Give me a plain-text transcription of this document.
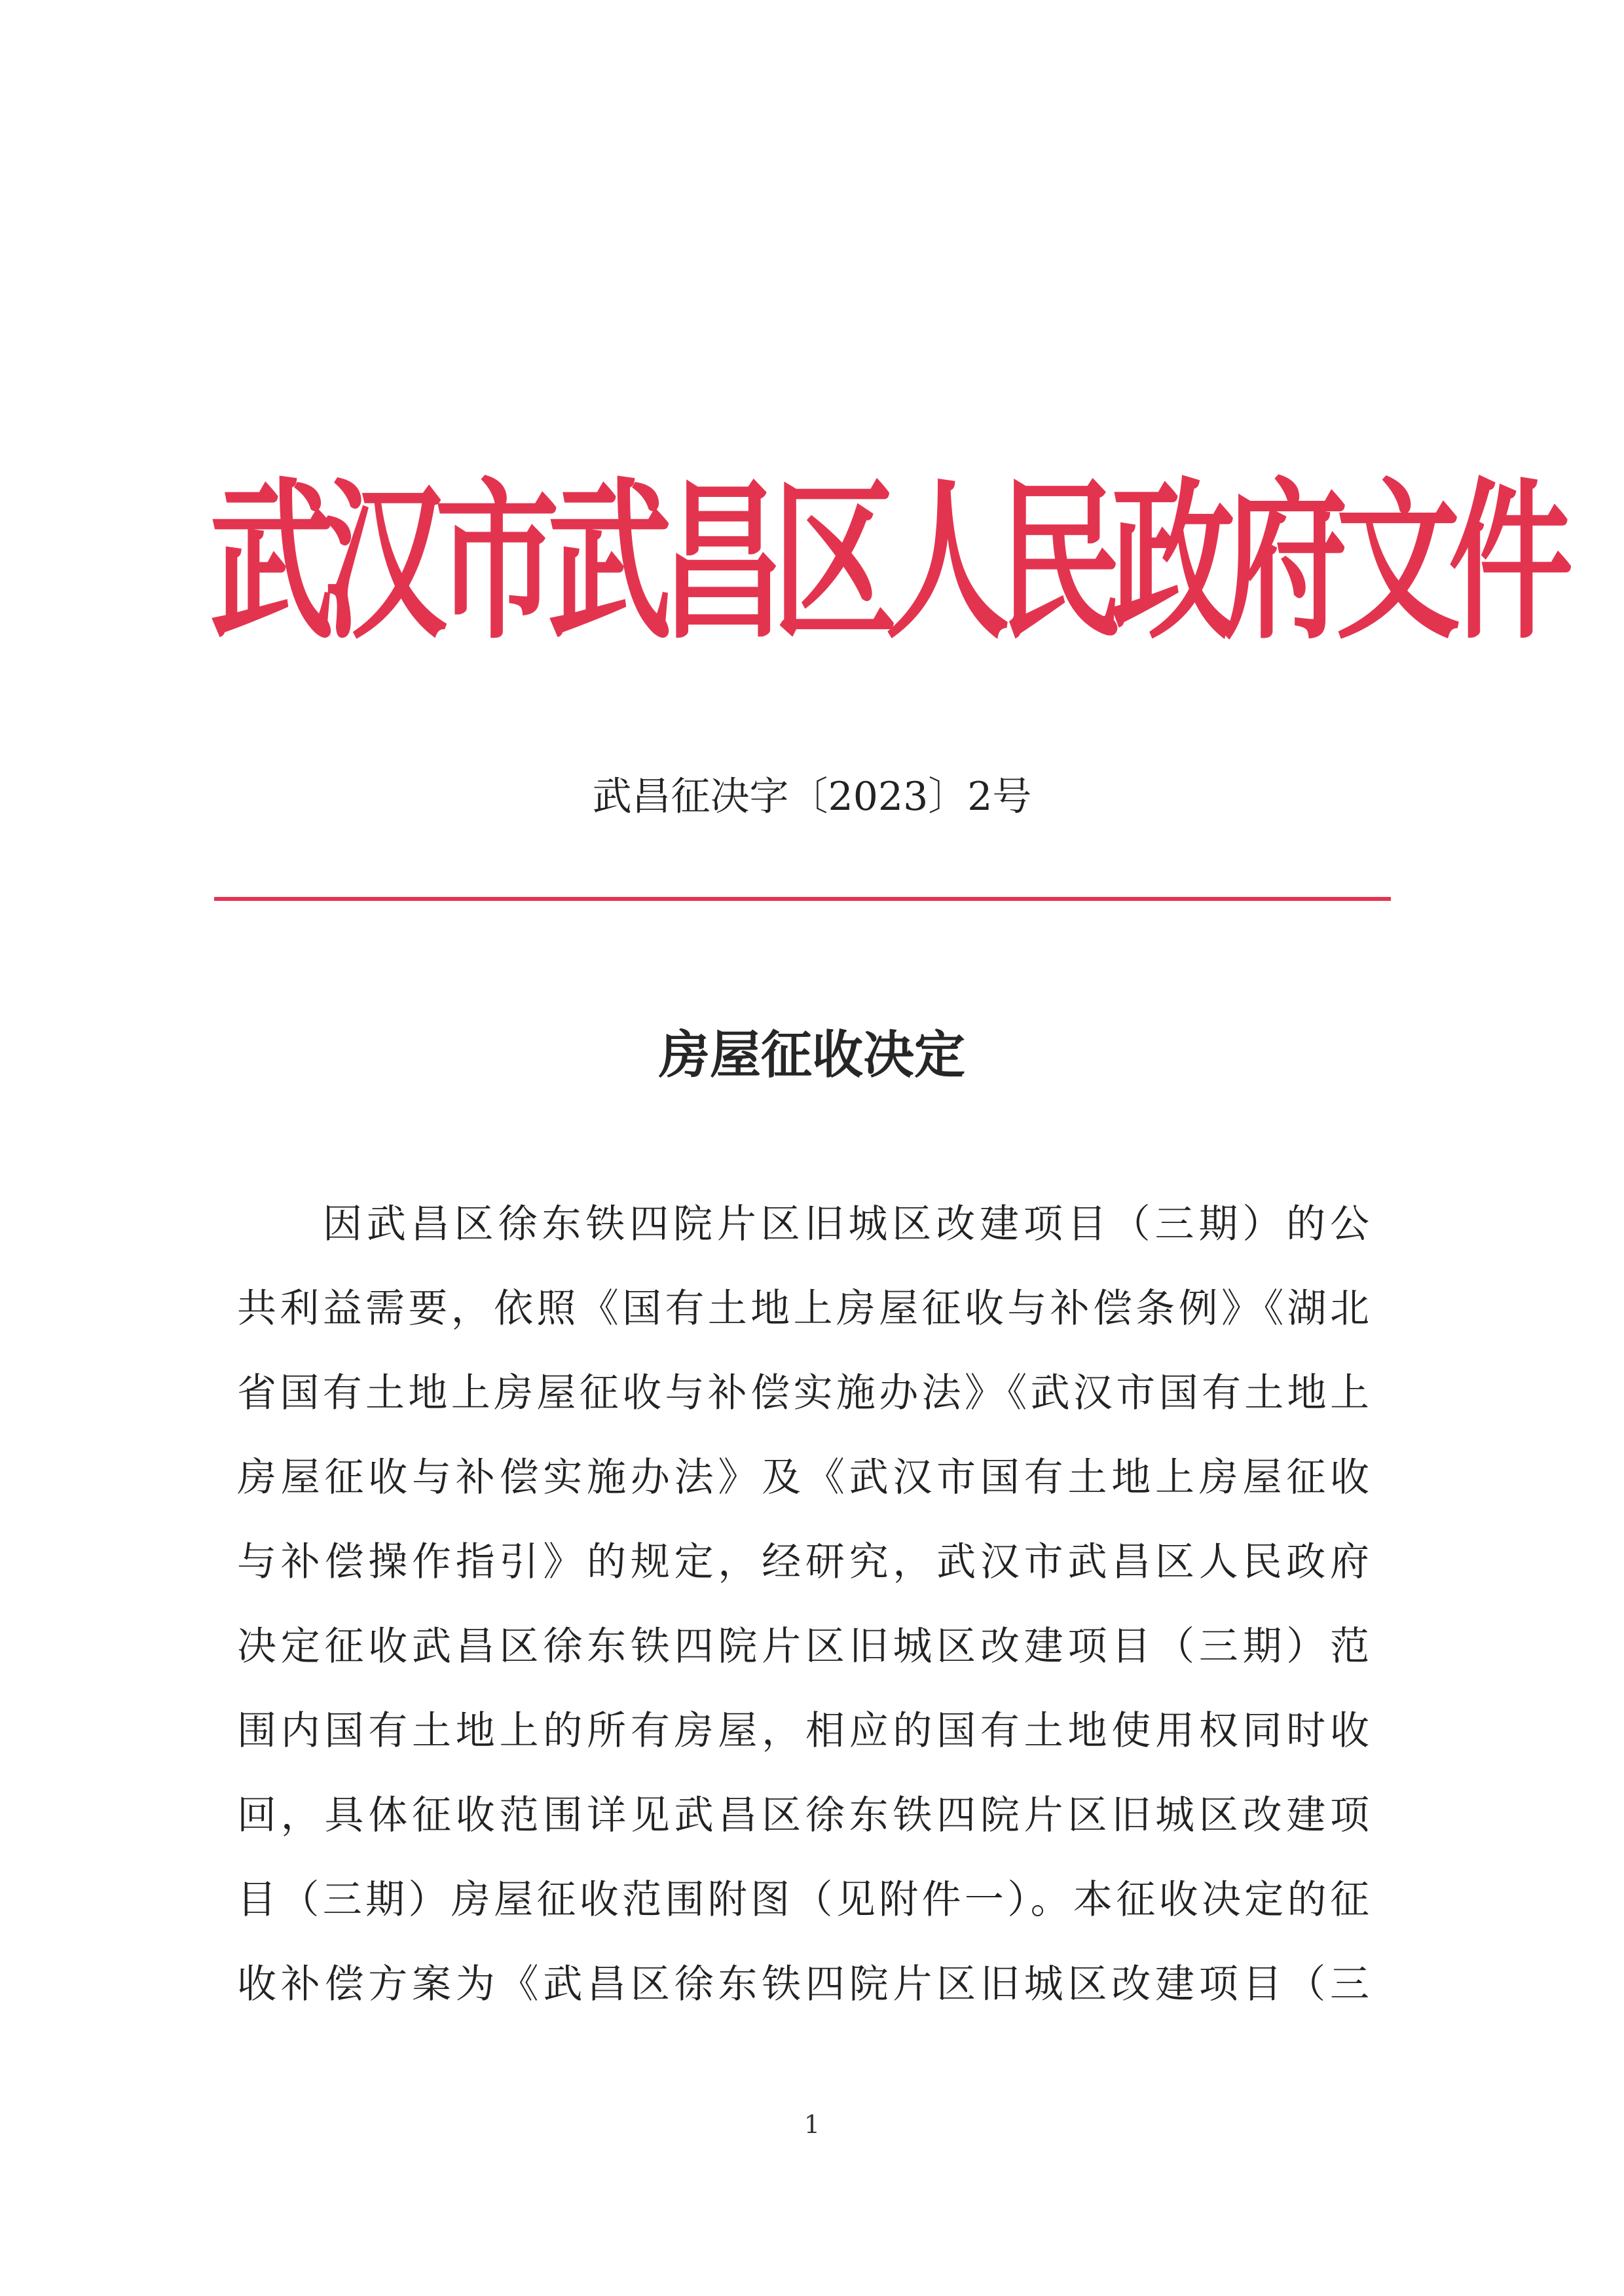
武汉市武昌区人民政府文件
武昌征决字〔2023〕2号
房屋征收决定
因武昌区徐东铁四院片区旧城区改建项目（三期）的公
共利益需要，依照《国有土地上房屋征收与补偿条例》《湖北
省国有土地上房屋征收与补偿实施办法》《武汉市国有土地上
房屋征收与补偿实施办法》及《武汉市国有土地上房屋征收
与补偿操作指引》的规定，经研究，武汉市武昌区人民政府
决定征收武昌区徐东铁四院片区旧城区改建项目（三期）范
围内国有土地上的所有房屋，相应的国有土地使用权同时收
回，具体征收范围详见武昌区徐东铁四院片区旧城区改建项
目（三期）房屋征收范围附图（见附件一）。本征收决定的征
收补偿方案为《武昌区徐东铁四院片区旧城区改建项目（三
1
